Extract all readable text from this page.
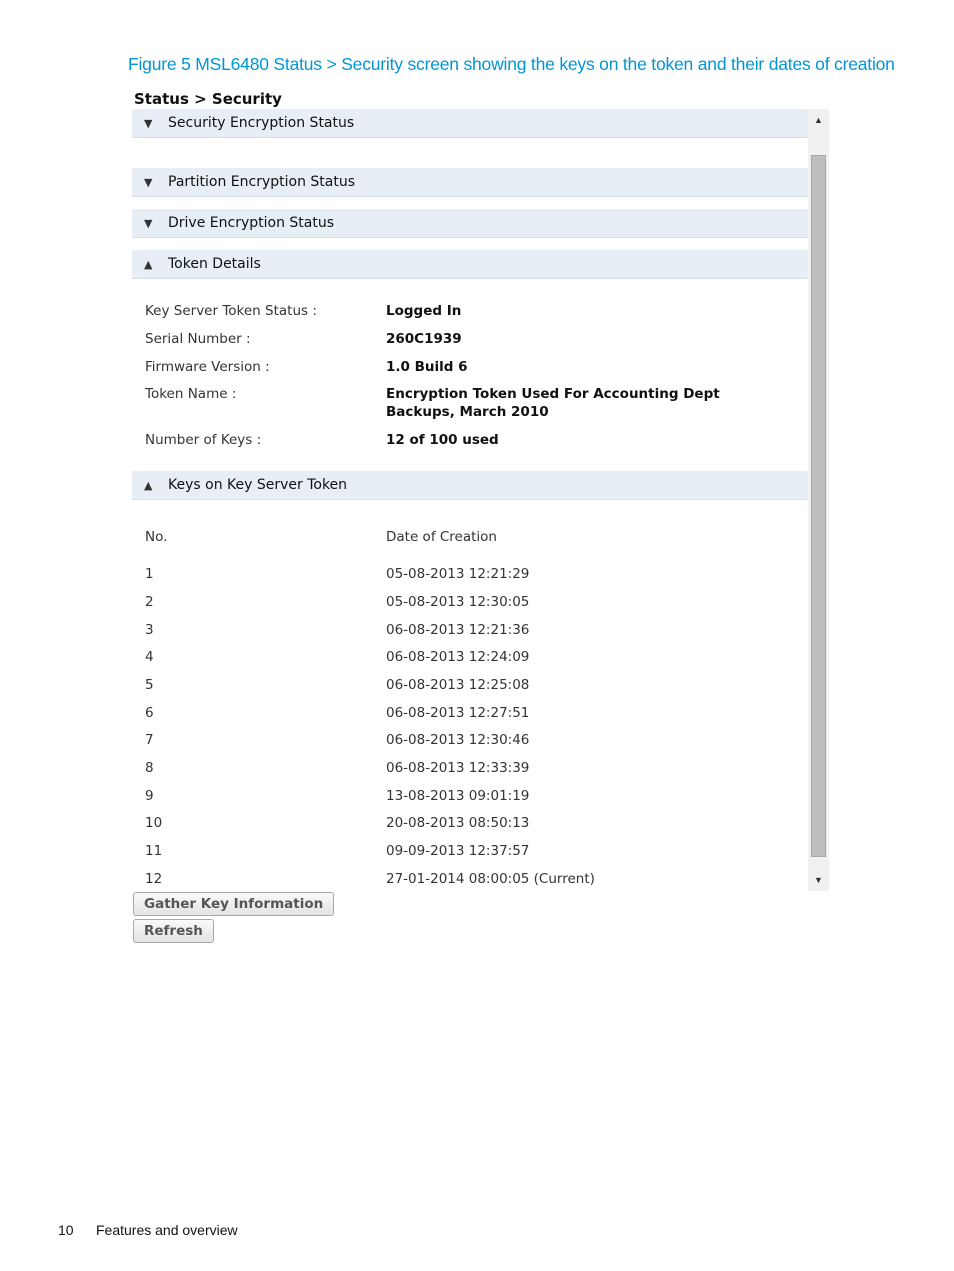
Figure 5 MSL6480 Status > Security screen showing the keys on the token and their dates of creation
Status > Security
▼ Security Encryption Status
▼ Partition Encryption Status
▼ Drive Encryption Status
▲ Token Details
Key Server Token Status :	Logged In
Serial Number :	260C1939
Firmware Version :	1.0 Build 6
Token Name :	Encryption Token Used For Accounting Dept
Backups, March 2010
Number of Keys :	12 of 100 used
▲ Keys on Key Server Token
No.	Date of Creation
1	05-08-2013 12:21:29
2	05-08-2013 12:30:05
3	06-08-2013 12:21:36
4	06-08-2013 12:24:09
5	06-08-2013 12:25:08
6	06-08-2013 12:27:51
7	06-08-2013 12:30:46
8	06-08-2013 12:33:39
9	13-08-2013 09:01:19
10	20-08-2013 08:50:13
11	09-09-2013 12:37:57
12	27-01-2014 08:00:05 (Current)
▲
▼
Gather Key Information
Refresh
10 Features and overview
